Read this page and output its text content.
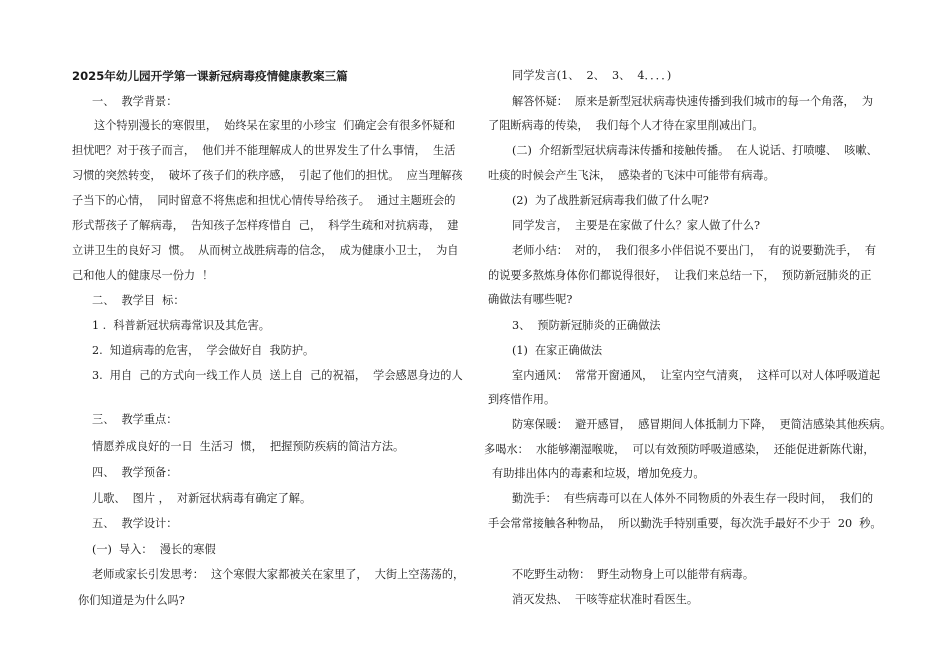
2025年幼儿园开学第一课新冠病毒疫情健康教案三篇
一、  教学背景：
这个特别漫长的寒假里，  始终呆在家里的小珍宝  们确定会有很多怀疑和
担忧吧？对于孩子而言，  他们并不能理解成人的世界发生了什么事情，  生活
习惯的突然转变，  破坏了孩子们的秩序感，  引起了他们的担忧。  应当理解孩
子当下的心情，  同时留意不将焦虑和担忧心情传导给孩子。  通过主题班会的
形式帮孩子了解病毒，  告知孩子怎样疼惜自  己，  科学生疏和对抗病毒，  建
立讲卫生的良好习  惯。  从而树立战胜病毒的信念，  成为健康小卫士，  为自
己和他人的健康尽一份力  ！
二、  教学目  标：
1 .  科普新冠状病毒常识及其危害。
2.  知道病毒的危害，  学会做好自  我防护。
3.  用自  己的方式向一线工作人员  送上自  己的祝福，  学会感恩身边的人
三、  教学重点：
情愿养成良好的一日  生活习  惯，  把握预防疾病的简洁方法。
四、  教学预备：
儿歌、  图片 ，  对新冠状病毒有确定了解。
五、  教学设计：
(一)  导入：  漫长的寒假
老师或家长引发思考：  这个寒假大家都被关在家里了，  大街上空荡荡的，
你们知道是为什么吗?
同学发言(1、  2、  3、  4．．．．)
解答怀疑：  原来是新型冠状病毒快速传播到我们城市的每一个角落，  为
了阻断病毒的传染，  我们每个人才待在家里削减出门。
(二)  介绍新型冠状病毒沫传播和接触传播。  在人说话、打喷嚏、  咳嗽、
吐痰的时候会产生飞沫，  感染者的飞沫中可能带有病毒。
(2)  为了战胜新冠病毒我们做了什么呢?
同学发言，  主要是在家做了什么？家人做了什么?
老师小结：  对的，  我们很多小伴侣说不要出门，  有的说要勤洗手，  有
的说要多熬炼身体你们都说得很好，  让我们来总结一下，  预防新冠肺炎的正
确做法有哪些呢?
3、  预防新冠肺炎的正确做法
(1)  在家正确做法
室内通风：  常常开窗通风，  让室内空气清爽，  这样可以对人体呼吸道起
到疼惜作用。
防寒保暖：  避开感冒，  感冒期间人体抵制力下降，  更简洁感染其他疾病。
多喝水：  水能够潮湿喉咙，  可以有效预防呼吸道感染，  还能促进新陈代谢，
有助排出体内的毒素和垃圾，增加免疫力。
勤洗手：  有些病毒可以在人体外不同物质的外表生存一段时间，  我们的
手会常常接触各种物品，  所以勤洗手特别重要，每次洗手最好不少于  20  秒。
不吃野生动物：  野生动物身上可以能带有病毒。
消灭发热、  干咳等症状准时看医生。
